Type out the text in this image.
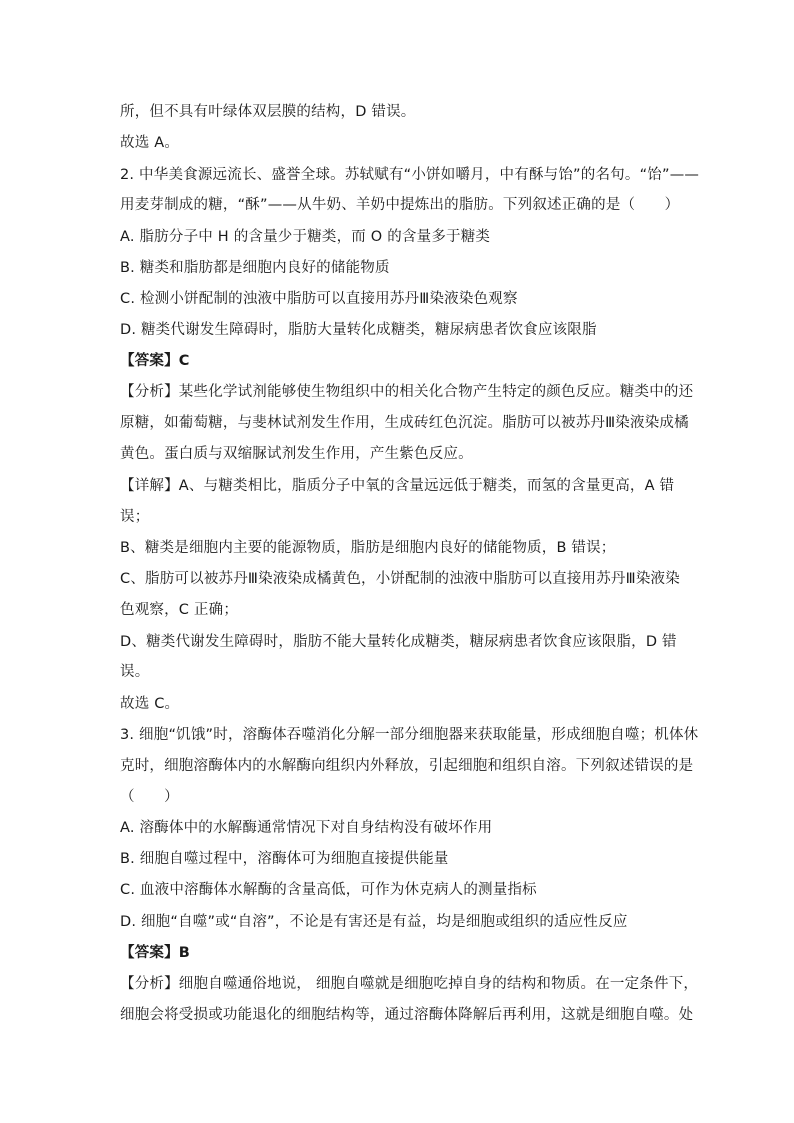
所，但不具有叶绿体双层膜的结构，D 错误。
故选 A。
2. 中华美食源远流长、盛誉全球。苏轼赋有“小饼如嚼月，中有酥与饴”的名句。“饴”——
用麦芽制成的糖，“酥”——从牛奶、羊奶中提炼出的脂肪。下列叙述正确的是（　　）
A. 脂肪分子中 H 的含量少于糖类，而 O 的含量多于糖类
B. 糖类和脂肪都是细胞内良好的储能物质
C. 检测小饼配制的浊液中脂肪可以直接用苏丹Ⅲ染液染色观察
D. 糖类代谢发生障碍时，脂肪大量转化成糖类，糖尿病患者饮食应该限脂
【答案】C
【分析】某些化学试剂能够使生物组织中的相关化合物产生特定的颜色反应。糖类中的还
原糖，如葡萄糖，与斐林试剂发生作用，生成砖红色沉淀。脂肪可以被苏丹Ⅲ染液染成橘
黄色。蛋白质与双缩脲试剂发生作用，产生紫色反应。
【详解】A、与糖类相比，脂质分子中氧的含量远远低于糖类，而氢的含量更高，A 错
误；
B、糖类是细胞内主要的能源物质，脂肪是细胞内良好的储能物质，B 错误；
C、脂肪可以被苏丹Ⅲ染液染成橘黄色，小饼配制的浊液中脂肪可以直接用苏丹Ⅲ染液染
色观察，C 正确；
D、糖类代谢发生障碍时，脂肪不能大量转化成糖类，糖尿病患者饮食应该限脂，D 错
误。
故选 C。
3. 细胞“饥饿”时，溶酶体吞噬消化分解一部分细胞器来获取能量，形成细胞自噬；机体休
克时，细胞溶酶体内的水解酶向组织内外释放，引起细胞和组织自溶。下列叙述错误的是
（　　）
A. 溶酶体中的水解酶通常情况下对自身结构没有破坏作用
B. 细胞自噬过程中，溶酶体可为细胞直接提供能量
C. 血液中溶酶体水解酶的含量高低，可作为休克病人的测量指标
D. 细胞“自噬”或“自溶”，不论是有害还是有益，均是细胞或组织的适应性反应
【答案】B
【分析】细胞自噬通俗地说， 细胞自噬就是细胞吃掉自身的结构和物质。在一定条件下，
细胞会将受损或功能退化的细胞结构等，通过溶酶体降解后再利用，这就是细胞自噬。处
